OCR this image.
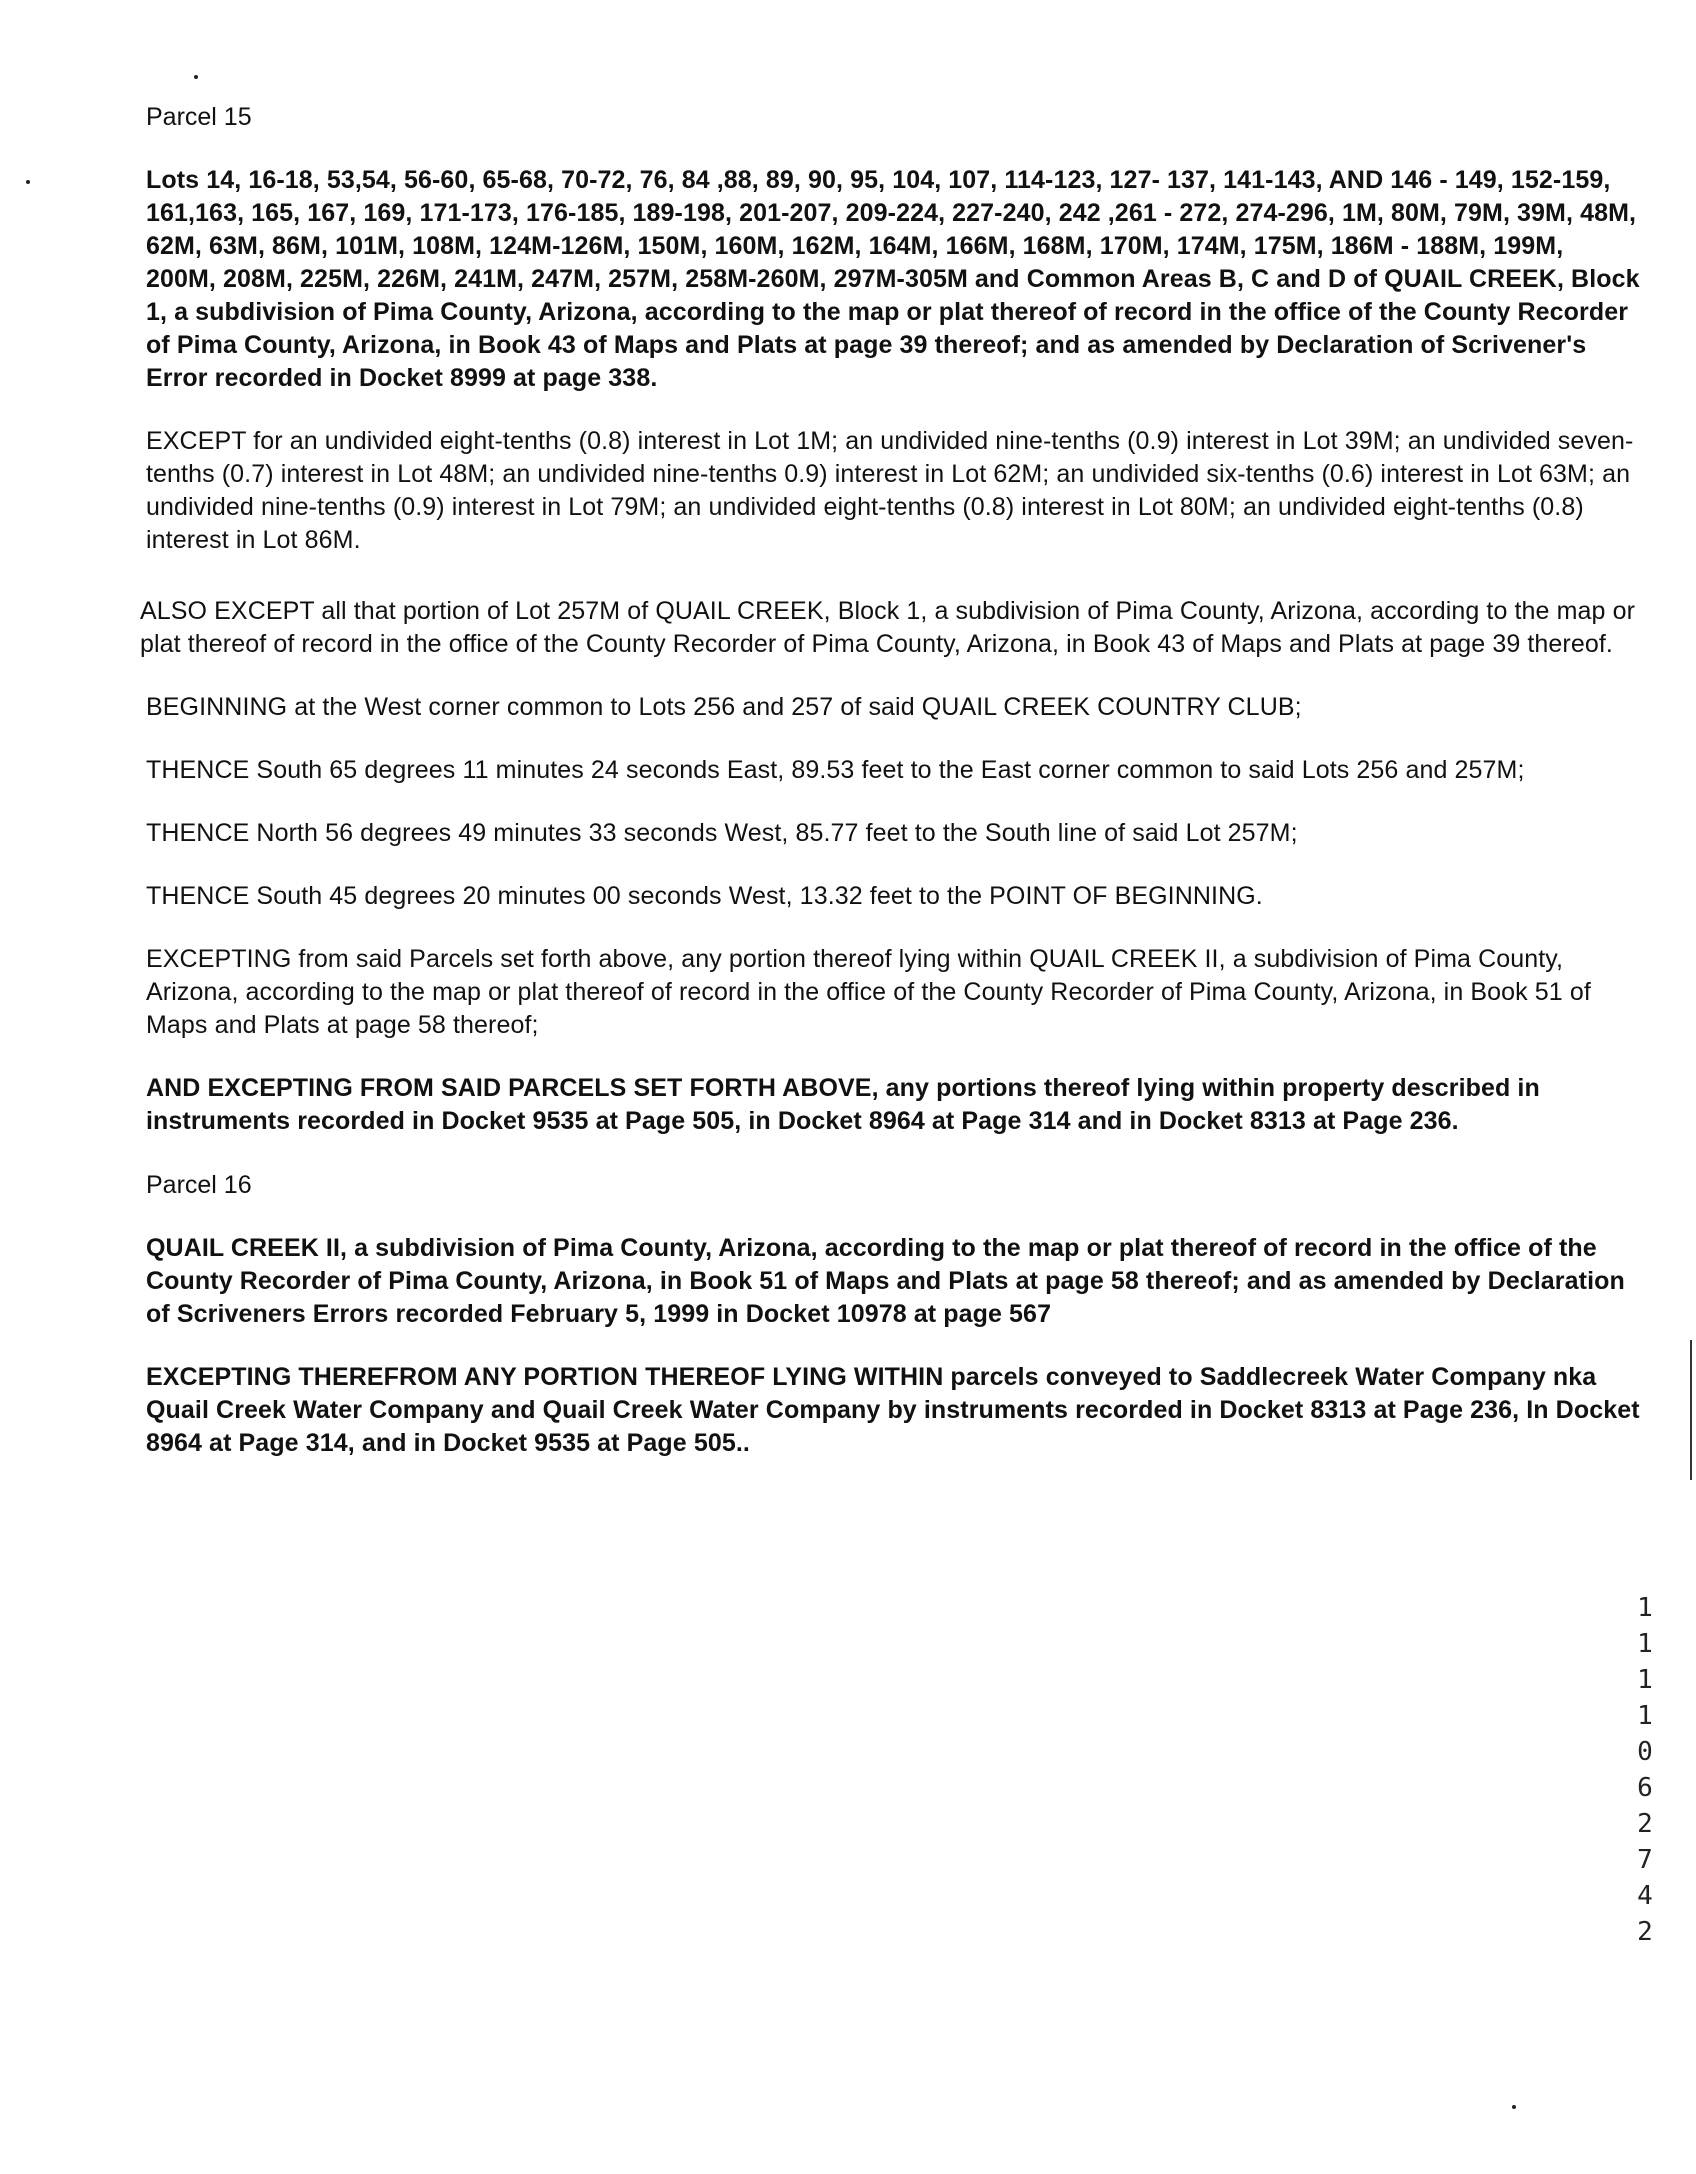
Parcel 15
Lots 14, 16-18, 53,54, 56-60, 65-68, 70-72, 76, 84 ,88, 89, 90, 95, 104, 107, 114-123, 127- 137, 141-143, AND 146 - 149, 152-159, 161,163, 165, 167, 169, 171-173, 176-185, 189-198, 201-207, 209-224, 227-240, 242 ,261 - 272, 274-296, 1M, 80M, 79M, 39M, 48M, 62M, 63M, 86M, 101M, 108M, 124M-126M, 150M, 160M, 162M, 164M, 166M, 168M, 170M, 174M, 175M, 186M - 188M, 199M, 200M, 208M, 225M, 226M, 241M, 247M, 257M, 258M-260M, 297M-305M and Common Areas B, C and D of QUAIL CREEK, Block 1, a subdivision of Pima County, Arizona, according to the map or plat thereof of record in the office of the County Recorder of Pima County, Arizona, in Book 43 of Maps and Plats at page 39 thereof; and as amended by Declaration of Scrivener's Error recorded in Docket 8999 at page 338.
EXCEPT for an undivided eight-tenths (0.8) interest in Lot 1M; an undivided nine-tenths (0.9) interest in Lot 39M; an undivided seven-tenths (0.7) interest in Lot 48M; an undivided nine-tenths 0.9) interest in Lot 62M; an undivided six-tenths (0.6) interest in Lot 63M; an undivided nine-tenths (0.9) interest in Lot 79M; an undivided eight-tenths (0.8) interest in Lot 80M; an undivided eight-tenths (0.8) interest in Lot 86M.
ALSO EXCEPT all that portion of Lot 257M of QUAIL CREEK, Block 1, a subdivision of Pima County, Arizona, according to the map or plat thereof of record in the office of the County Recorder of Pima County, Arizona, in Book 43 of Maps and Plats at page 39 thereof.
BEGINNING at the West corner common to Lots 256 and 257 of said QUAIL CREEK COUNTRY CLUB;
THENCE South 65 degrees 11 minutes 24 seconds East, 89.53 feet to the East corner common to said Lots 256 and 257M;
THENCE North 56 degrees 49 minutes 33 seconds West, 85.77 feet to the South line of said Lot 257M;
THENCE South 45 degrees 20 minutes 00 seconds West, 13.32 feet to the POINT OF BEGINNING.
EXCEPTING from said Parcels set forth above, any portion thereof lying within QUAIL CREEK II, a subdivision of Pima County, Arizona, according to the map or plat thereof of record in the office of the County Recorder of Pima County, Arizona, in Book 51 of Maps and Plats at page 58 thereof;
AND EXCEPTING FROM SAID PARCELS SET FORTH ABOVE, any portions thereof lying within property described in instruments recorded in Docket 9535 at Page 505, in Docket 8964 at Page 314 and in Docket 8313 at Page 236.
Parcel 16
QUAIL CREEK II, a subdivision of Pima County, Arizona, according to the map or plat thereof of record in the office of the County Recorder of Pima County, Arizona, in Book 51 of Maps and Plats at page 58 thereof; and as amended by Declaration of Scriveners Errors recorded February 5, 1999 in Docket 10978 at page 567
EXCEPTING THEREFROM ANY PORTION THEREOF LYING WITHIN parcels conveyed to Saddlecreek Water Company nka Quail Creek Water Company and Quail Creek Water Company by instruments recorded in Docket 8313 at Page 236, In Docket 8964 at Page 314, and in Docket 9535 at Page 505..
111106 2742
